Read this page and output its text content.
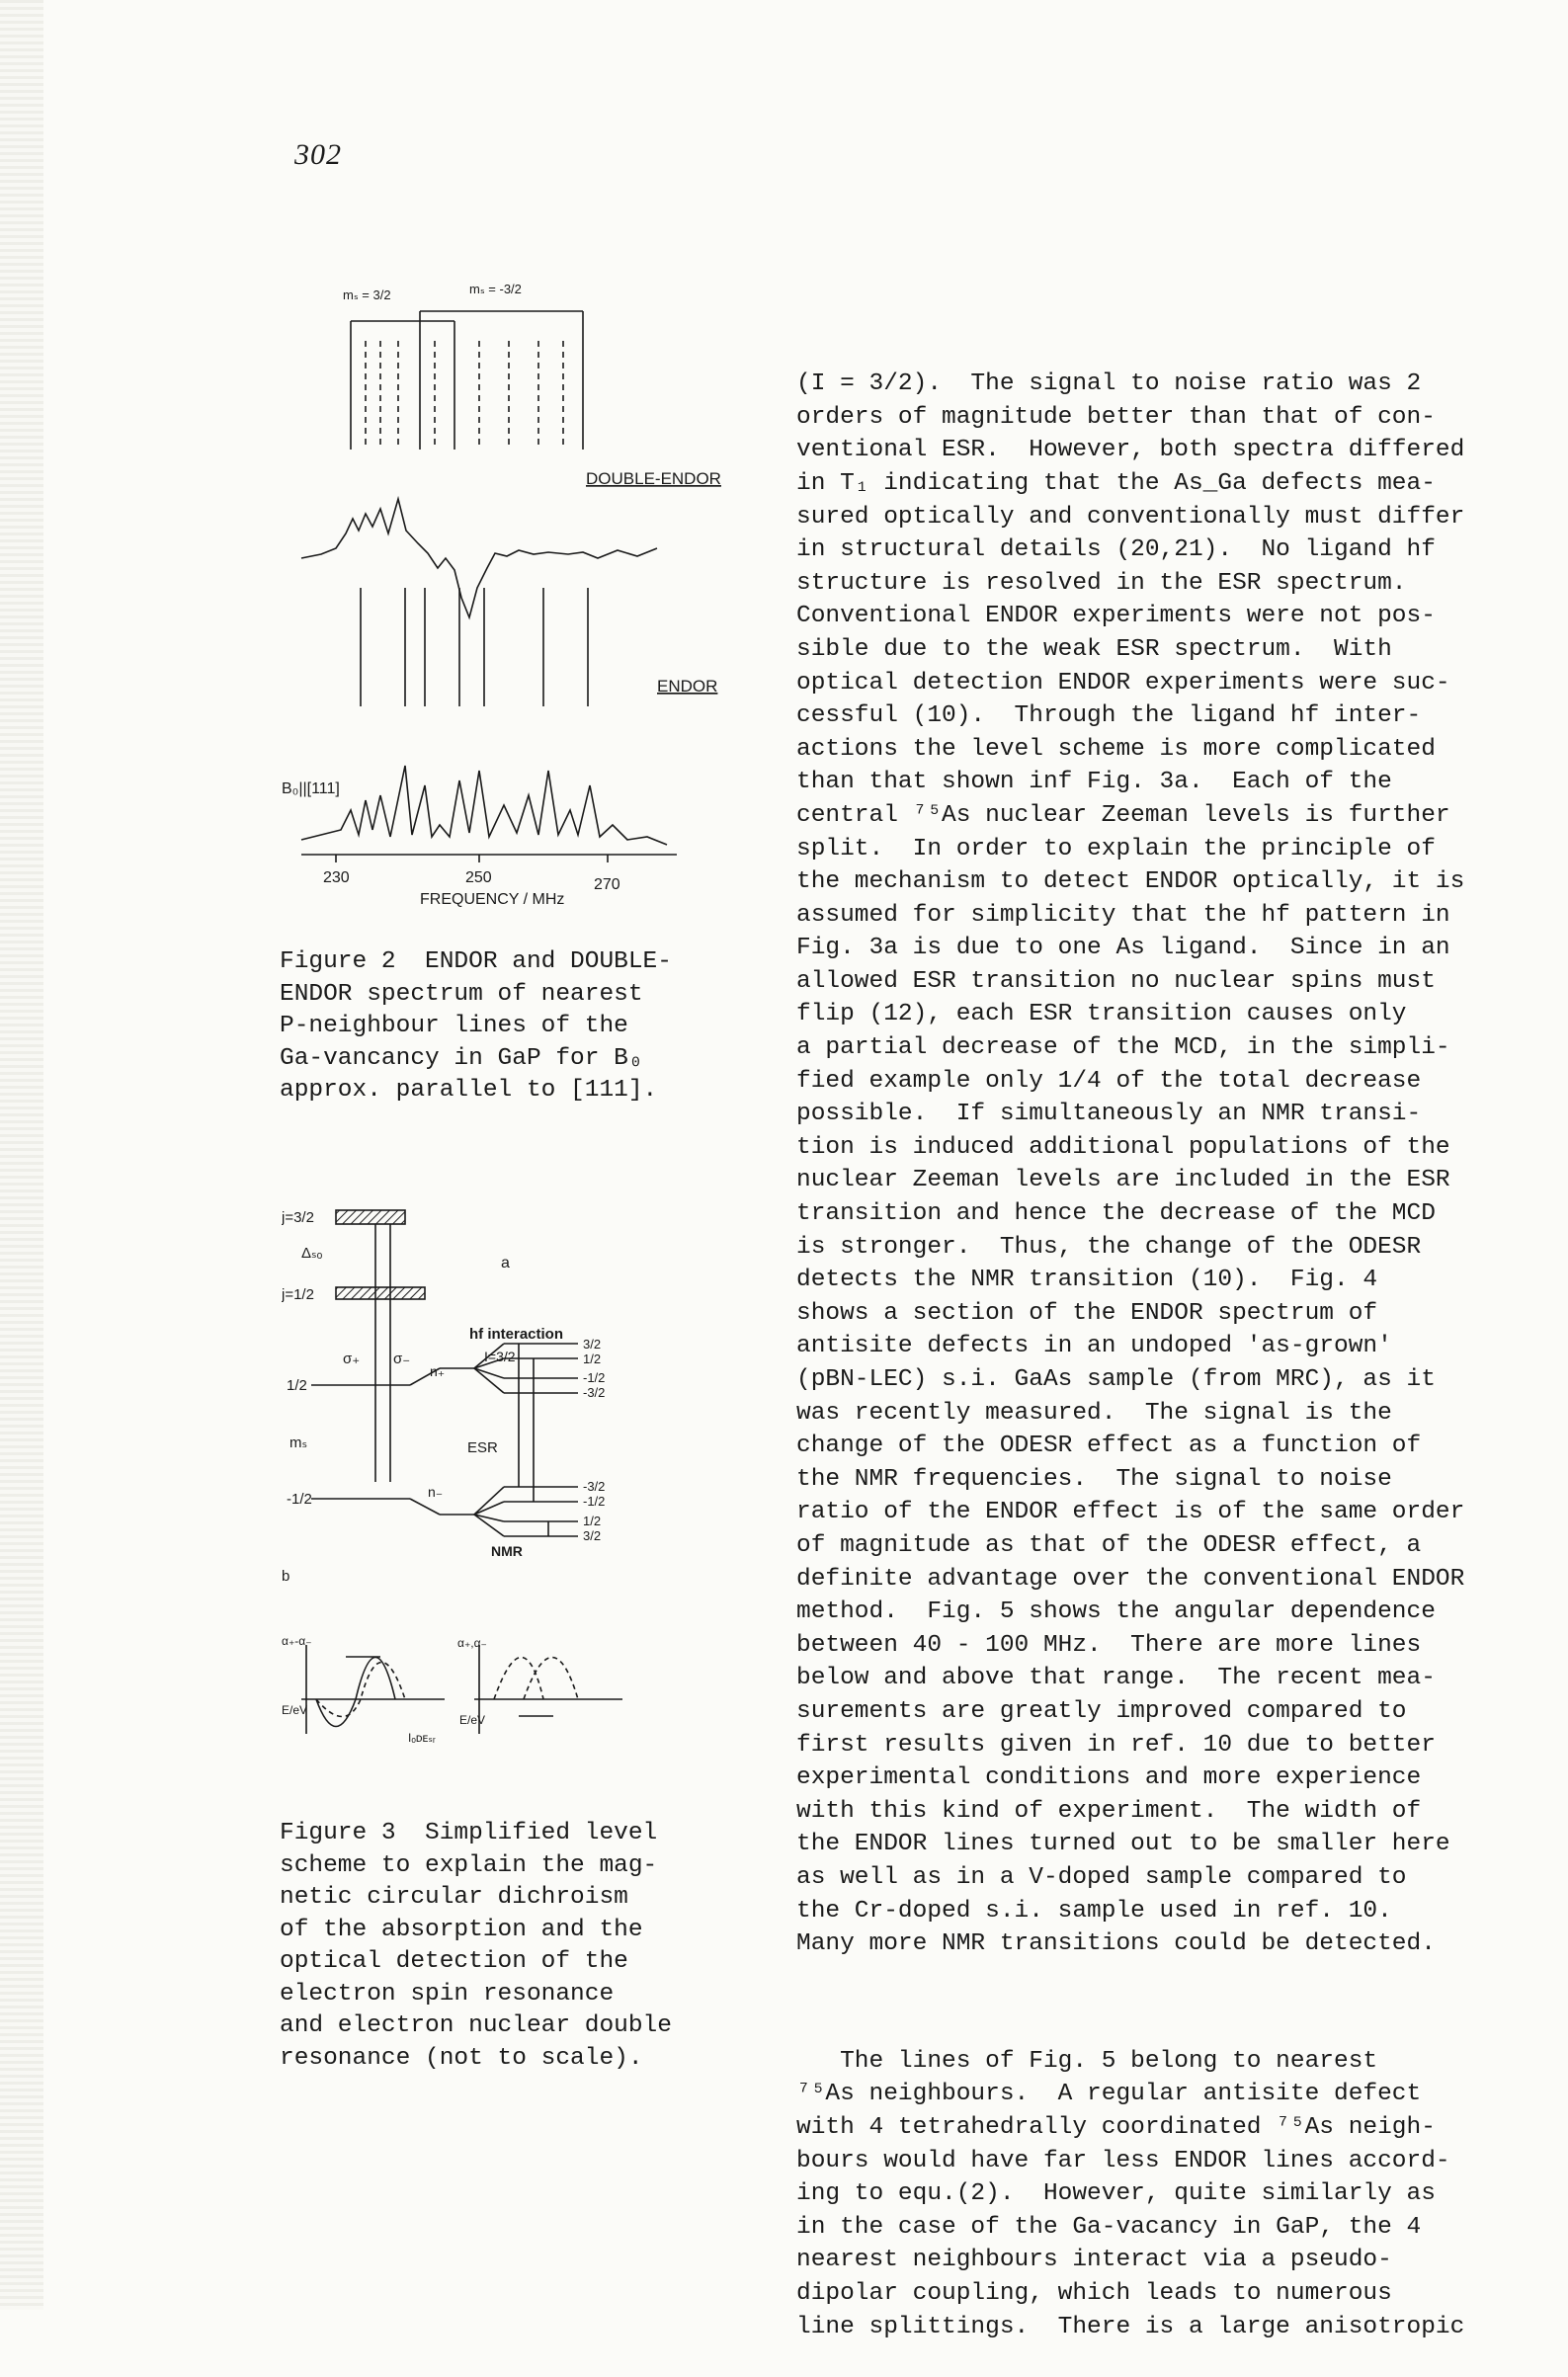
302
mₛ = 3/2	mₛ = -3/2
DOUBLE-ENDOR
ENDOR
B₀||[111]
230	250	270
FREQUENCY / MHz
Figure 2  ENDOR and DOUBLE-
ENDOR spectrum of nearest
P-neighbour lines of the
Ga-vancancy in GaP for B₀
approx. parallel to [111].
j=3/2
Δₛₒ
j=1/2
a
hf interaction
I=3/2
σ₊ σ₋
1/2
mₛ
-1/2
n₊
n₋
ESR
NMR
3/2
1/2
-1/2
-3/2
-3/2
-1/2
1/2
3/2
b
α₊-α₋
E/eV
Iₒᴅᴇₛᵣ
α₊,α₋
E/eV
Figure 3  Simplified level
scheme to explain the mag-
netic circular dichroism
of the absorption and the
optical detection of the
electron spin resonance
and electron nuclear double
resonance (not to scale).

(I = 3/2).  The signal to noise ratio was 2
orders of magnitude better than that of con-
ventional ESR.  However, both spectra differed
in T₁ indicating that the As_Ga defects mea-
sured optically and conventionally must differ
in structural details (20,21).  No ligand hf
structure is resolved in the ESR spectrum.
Conventional ENDOR experiments were not pos-
sible due to the weak ESR spectrum.  With
optical detection ENDOR experiments were suc-
cessful (10).  Through the ligand hf inter-
actions the level scheme is more complicated
than that shown inf Fig. 3a.  Each of the
central ⁷⁵As nuclear Zeeman levels is further
split.  In order to explain the principle of
the mechanism to detect ENDOR optically, it is
assumed for simplicity that the hf pattern in
Fig. 3a is due to one As ligand.  Since in an
allowed ESR transition no nuclear spins must
flip (12), each ESR transition causes only
a partial decrease of the MCD, in the simpli-
fied example only 1/4 of the total decrease
possible.  If simultaneously an NMR transi-
tion is induced additional populations of the
nuclear Zeeman levels are included in the ESR
transition and hence the decrease of the MCD
is stronger.  Thus, the change of the ODESR
detects the NMR transition (10).  Fig. 4
shows a section of the ENDOR spectrum of
antisite defects in an undoped 'as-grown'
(pBN-LEC) s.i. GaAs sample (from MRC), as it
was recently measured.  The signal is the
change of the ODESR effect as a function of
the NMR frequencies.  The signal to noise
ratio of the ENDOR effect is of the same order
of magnitude as that of the ODESR effect, a
definite advantage over the conventional ENDOR
method.  Fig. 5 shows the angular dependence
between 40 - 100 MHz.  There are more lines
below and above that range.  The recent mea-
surements are greatly improved compared to
first results given in ref. 10 due to better
experimental conditions and more experience
with this kind of experiment.  The width of
the ENDOR lines turned out to be smaller here
as well as in a V-doped sample compared to
the Cr-doped s.i. sample used in ref. 10.
Many more NMR transitions could be detected.

The lines of Fig. 5 belong to nearest
⁷⁵As neighbours.  A regular antisite defect
with 4 tetrahedrally coordinated ⁷⁵As neigh-
bours would have far less ENDOR lines accord-
ing to equ.(2).  However, quite similarly as
in the case of the Ga-vacancy in GaP, the 4
nearest neighbours interact via a pseudo-
dipolar coupling, which leads to numerous
line splittings.  There is a large anisotropic
